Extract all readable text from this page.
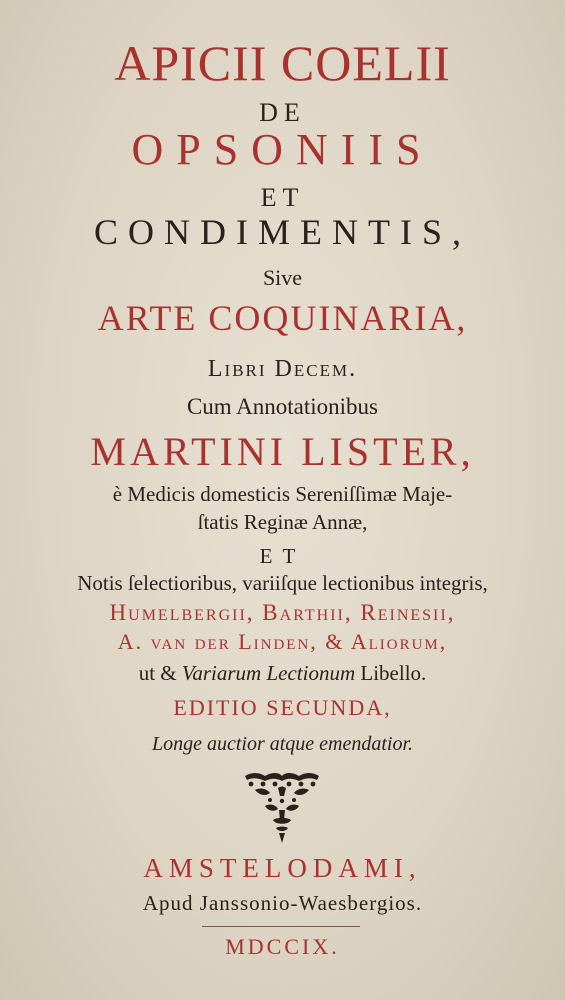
APICII COELII
DE
OPSONIIS
ET
CONDIMENTIS,
Sive
ARTE COQUINARIA,
Libri Decem.
Cum Annotationibus
MARTINI LISTER,
è Medicis domesticis Sereniſſimæ Maje-
ſtatis Reginæ Annæ,
ET
Notis ſelectioribus, variiſque lectionibus integris,
Humelbergii, Barthii, Reinesii,
A. van der Linden, & Aliorum,
ut & Variarum Lectionum Libello.
EDITIO SECUNDA,
Longe auctior atque emendatior.
AMSTELODAMI,
Apud Janssonio-Waesbergios.
MDCCIX.
